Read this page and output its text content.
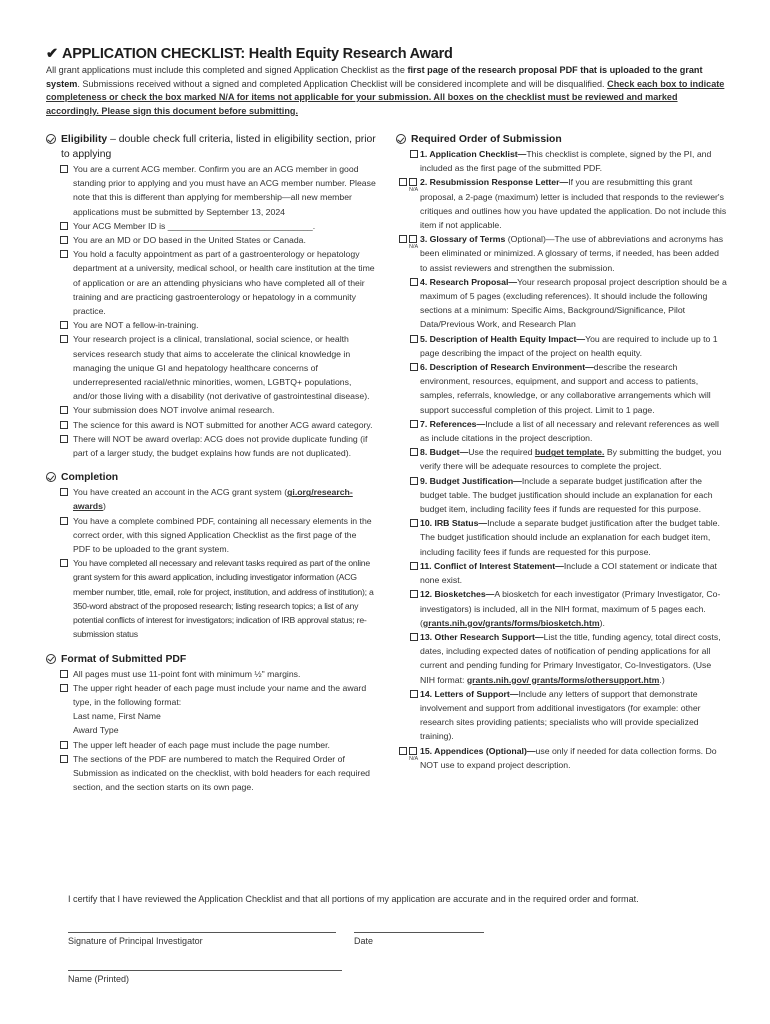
✔ APPLICATION CHECKLIST: Health Equity Research Award
All grant applications must include this completed and signed Application Checklist as the first page of the research proposal PDF that is uploaded to the grant system. Submissions received without a signed and completed Application Checklist will be considered incomplete and will be disqualified. Check each box to indicate completeness or check the box marked N/A for items not applicable for your submission. All boxes on the checklist must be reviewed and marked accordingly. Please sign this document before submitting.
Eligibility – double check full criteria, listed in eligibility section, prior to applying
You are a current ACG member. Confirm you are an ACG member in good standing prior to applying and you must have an ACG member number. Please note that this is different than applying for membership—all new member applications must be submitted by September 13, 2024
Your ACG Member ID is ______________________________.
You are an MD or DO based in the United States or Canada.
You hold a faculty appointment as part of a gastroenterology or hepatology department at a university, medical school, or health care institution at the time of application or are an attending physicians who have completed all of their training and are practicing gastroenterology or hepatology in a community practice.
You are NOT a fellow-in-training.
Your research project is a clinical, translational, social science, or health services research study that aims to accelerate the clinical knowledge in managing the unique GI and hepatology healthcare concerns of underrepresented racial/ethnic minorities, women, LGBTQ+ populations, and/or those living with a disability (not derivative of gastrointestinal disease).
Your submission does NOT involve animal research.
The science for this award is NOT submitted for another ACG award category.
There will NOT be award overlap: ACG does not provide duplicate funding (if part of a larger study, the budget explains how funds are not duplicated).
Completion
You have created an account in the ACG grant system (gi.org/research-awards)
You have a complete combined PDF, containing all necessary elements in the correct order, with this signed Application Checklist as the first page of the PDF to be uploaded to the grant system.
You have completed all necessary and relevant tasks required as part of the online grant system for this award application, including investigator information (ACG member number, title, email, role for project, institution, and address of institution); a 350-word abstract of the proposed research; listing research topics; a list of any potential conflicts of interest for investigators; indication of IRB approval status; re-submission status
Format of Submitted PDF
All pages must use 11-point font with minimum ½" margins.
The upper right header of each page must include your name and the award type, in the following format:
Last name, First Name
Award Type
The upper left header of each page must include the page number.
The sections of the PDF are numbered to match the Required Order of Submission as indicated on the checklist, with bold headers for each required section, and the section starts on its own page.
Required Order of Submission
1. Application Checklist—This checklist is complete, signed by the PI, and included as the first page of the submitted PDF.
N/A
2. Resubmission Response Letter—If you are resubmitting this grant proposal, a 2-page (maximum) letter is included that responds to the reviewer's critiques and outlines how you have updated the application. Do not include this item if not applicable.
N/A
3. Glossary of Terms (Optional)—The use of abbreviations and acronyms has been eliminated or minimized. A glossary of terms, if needed, has been added to assist reviewers and strengthen the submission.
4. Research Proposal—Your research proposal project description should be a maximum of 5 pages (excluding references). It should include the following sections at a minimum: Specific Aims, Background/Significance, Pilot Data/Previous Work, and Research Plan
5. Description of Health Equity Impact—You are required to include up to 1 page describing the impact of the project on health equity.
6. Description of Research Environment—describe the research environment, resources, equipment, and support and access to patients, samples, referrals, knowledge, or any collaborative arrangements which will support successful completion of this project. Limit to 1 page.
7. References—Include a list of all necessary and relevant references as well as include citations in the project description.
8. Budget—Use the required budget template. By submitting the budget, you verify there will be adequate resources to complete the project.
9. Budget Justification—Include a separate budget justification after the budget table. The budget justification should include an explanation for each budget item, including facility fees if funds are requested for this purpose.
10. IRB Status—Include a separate budget justification after the budget table. The budget justification should include an explanation for each budget item, including facility fees if funds are requested for this purpose.
11. Conflict of Interest Statement—Include a COI statement or indicate that none exist.
12. Biosketches—A biosketch for each investigator (Primary Investigator, Co-investigators) is included, all in the NIH format, maximum of 5 pages each. (grants.nih.gov/grants/forms/biosketch.htm).
13. Other Research Support—List the title, funding agency, total direct costs, dates, including expected dates of notification of pending applications for all current and pending funding for Primary Investigator, Co-Investigators. (Use NIH format: grants.nih.gov/ grants/forms/othersupport.htm.)
14. Letters of Support—Include any letters of support that demonstrate involvement and support from additional investigators (for example: other research sites providing patients; specialists who will provide specialized training).
N/A
15. Appendices (Optional)—use only if needed for data collection forms. Do NOT use to expand project description.
I certify that I have reviewed the Application Checklist and that all portions of my application are accurate and in the required order and format.
Signature of Principal Investigator	Date
Name (Printed)
